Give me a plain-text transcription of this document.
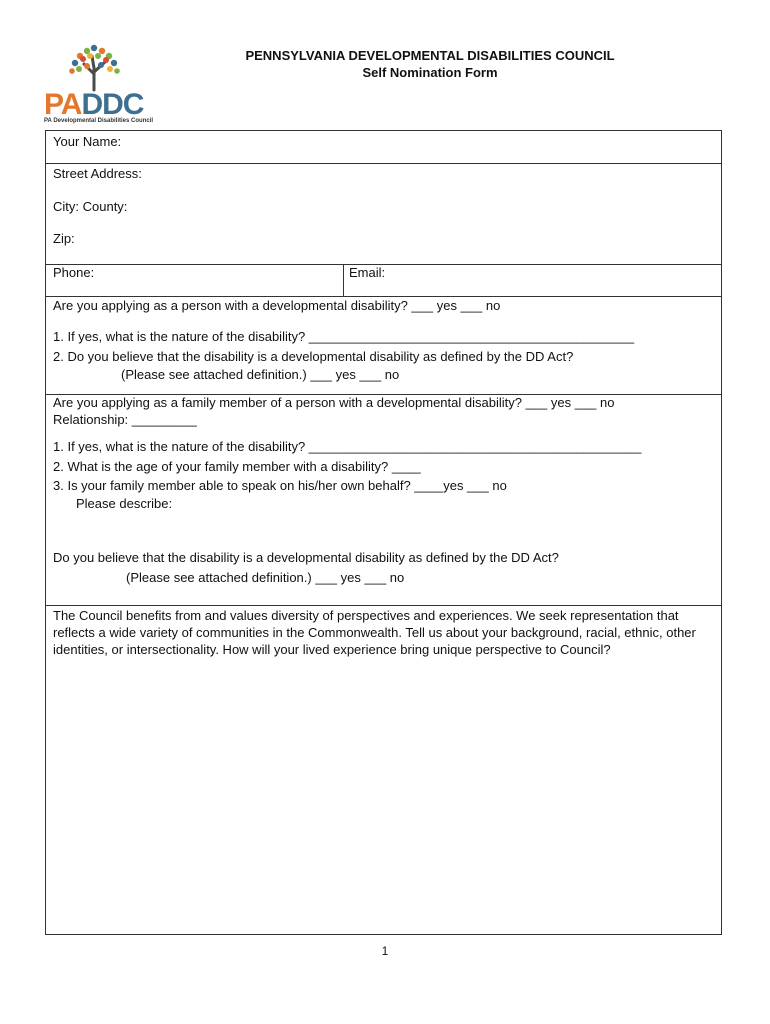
PADDC
PA Developmental Disabilities Council
PENNSYLVANIA DEVELOPMENTAL DISABILITIES COUNCIL
Self Nomination Form
Your Name:
Street Address:
City: County:
Zip:
Phone:	Email:
Are you applying as a person with a developmental disability? ___ yes ___ no
1. If yes, what is the nature of the disability? _____________________________________________
2. Do you believe that the disability is a developmental disability as defined by the DD Act?
(Please see attached definition.) ___ yes ___ no
Are you applying as a family member of a person with a developmental disability? ___ yes ___ no
Relationship: _________
1. If yes, what is the nature of the disability? ______________________________________________
2. What is the age of your family member with a disability? ____
3. Is your family member able to speak on his/her own behalf? ____yes ___ no
Please describe:
Do you believe that the disability is a developmental disability as defined by the DD Act?
(Please see attached definition.) ___ yes ___ no
The Council benefits from and values diversity of perspectives and experiences. We seek representation that reflects a wide variety of communities in the Commonwealth. Tell us about your background, racial, ethnic, other identities, or intersectionality. How will your lived experience bring unique perspective to Council?
1
